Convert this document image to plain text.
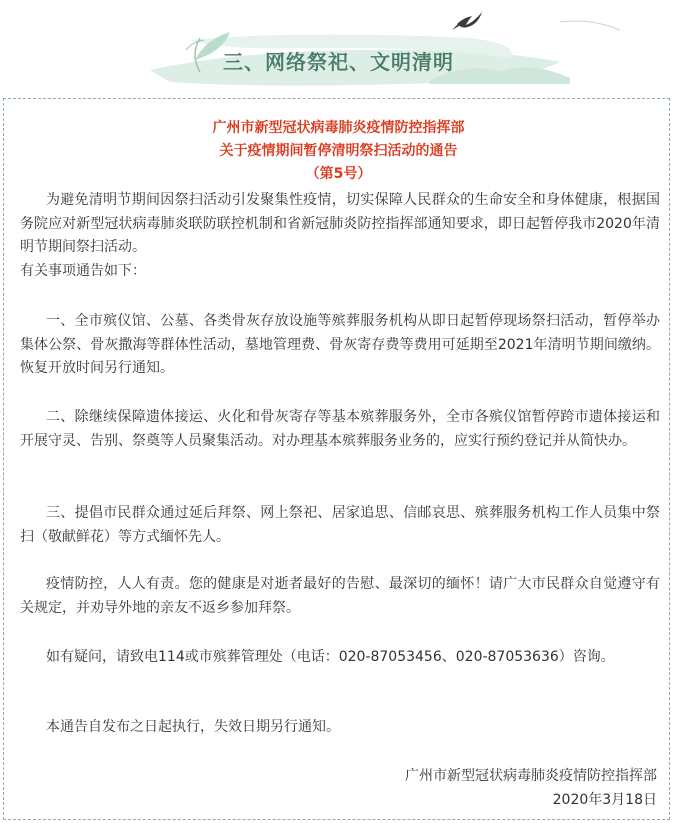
三、网络祭祀、文明清明
广州市新型冠状病毒肺炎疫情防控指挥部
关于疫情期间暂停清明祭扫活动的通告
（第5号）
为避免清明节期间因祭扫活动引发聚集性疫情，切实保障人民群众的生命安全和身体健康，根据国务院应对新型冠状病毒肺炎联防联控机制和省新冠肺炎防控指挥部通知要求，即日起暂停我市2020年清明节期间祭扫活动。
有关事项通告如下：
一、全市殡仪馆、公墓、各类骨灰存放设施等殡葬服务机构从即日起暂停现场祭扫活动，暂停举办集体公祭、骨灰撒海等群体性活动，墓地管理费、骨灰寄存费等费用可延期至2021年清明节期间缴纳。恢复开放时间另行通知。
二、除继续保障遗体接运、火化和骨灰寄存等基本殡葬服务外，全市各殡仪馆暂停跨市遗体接运和开展守灵、告别、祭奠等人员聚集活动。对办理基本殡葬服务业务的，应实行预约登记并从简快办。
三、提倡市民群众通过延后拜祭、网上祭祀、居家追思、信邮哀思、殡葬服务机构工作人员集中祭扫（敬献鲜花）等方式缅怀先人。
疫情防控，人人有责。您的健康是对逝者最好的告慰、最深切的缅怀！请广大市民群众自觉遵守有关规定，并劝导外地的亲友不返乡参加拜祭。
如有疑问，请致电114或市殡葬管理处（电话：020-87053456、020-87053636）咨询。
本通告自发布之日起执行，失效日期另行通知。
广州市新型冠状病毒肺炎疫情防控指挥部
2020年3月18日
